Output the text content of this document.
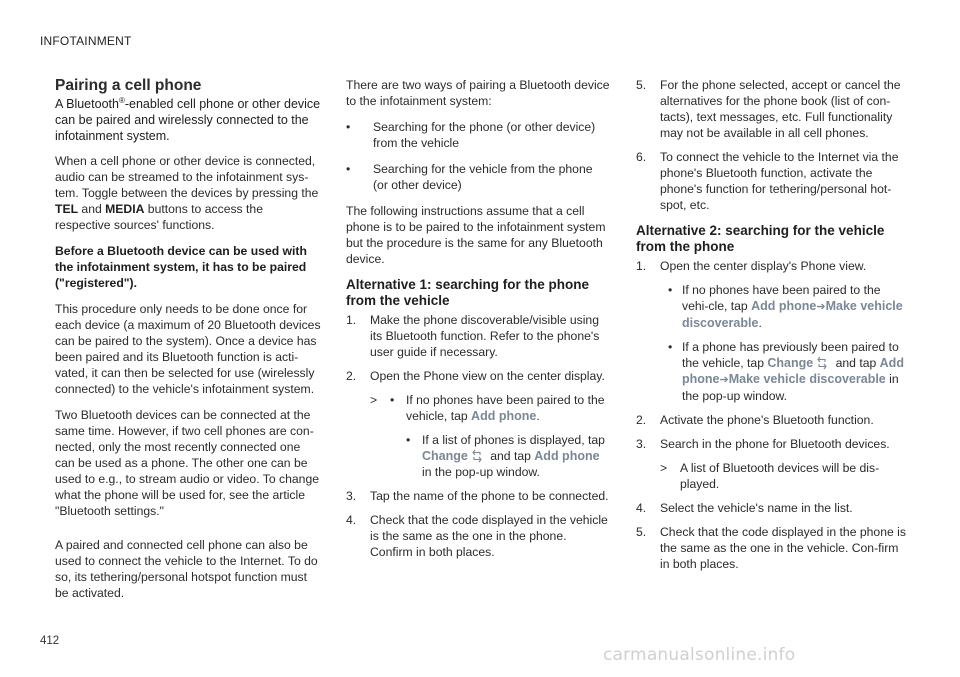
INFOTAINMENT
Pairing a cell phone
A Bluetooth®-enabled cell phone or other device can be paired and wirelessly connected to the infotainment system.

When a cell phone or other device is connected, audio can be streamed to the infotainment sys-tem. Toggle between the devices by pressing the TEL and MEDIA buttons to access the respective sources' functions.

Before a Bluetooth device can be used with the infotainment system, it has to be paired ("registered").

This procedure only needs to be done once for each device (a maximum of 20 Bluetooth devices can be paired to the system). Once a device has been paired and its Bluetooth function is acti-vated, it can then be selected for use (wirelessly connected) to the vehicle's infotainment system.

Two Bluetooth devices can be connected at the same time. However, if two cell phones are con-nected, only the most recently connected one can be used as a phone. The other one can be used to e.g., to stream audio or video. To change what the phone will be used for, see the article "Bluetooth settings."

A paired and connected cell phone can also be used to connect the vehicle to the Internet. To do so, its tethering/personal hotspot function must be activated.

There are two ways of pairing a Bluetooth device to the infotainment system:

• Searching for the phone (or other device) from the vehicle
• Searching for the vehicle from the phone (or other device)

The following instructions assume that a cell phone is to be paired to the infotainment system but the procedure is the same for any Bluetooth device.

Alternative 1: searching for the phone from the vehicle
1. Make the phone discoverable/visible using its Bluetooth function. Refer to the phone's user guide if necessary.
2. Open the Phone view on the center display.
> • If no phones have been paired to the vehicle, tap Add phone.
• If a list of phones is displayed, tap
Change and tap Add phone in the pop-up window.
3. Tap the name of the phone to be connected.
4. Check that the code displayed in the vehicle is the same as the one in the phone. Confirm in both places.
5. For the phone selected, accept or cancel the alternatives for the phone book (list of con-tacts), text messages, etc. Full functionality may not be available in all cell phones.
6. To connect the vehicle to the Internet via the phone's Bluetooth function, activate the phone's function for tethering/personal hot-spot, etc.
Alternative 2: searching for the vehicle from the phone
1. Open the center display's Phone view.
• If no phones have been paired to the vehi-cle, tap Add phone➔Make vehicle discoverable.
• If a phone has previously been paired to the vehicle, tap Change and tap Add phone➔Make vehicle discoverable in the pop-up window.
2. Activate the phone's Bluetooth function.
3. Search in the phone for Bluetooth devices.
> A list of Bluetooth devices will be dis-played.
4. Select the vehicle's name in the list.
5. Check that the code displayed in the phone is the same as the one in the vehicle. Con-firm in both places.
412
carmanualsonline.info
